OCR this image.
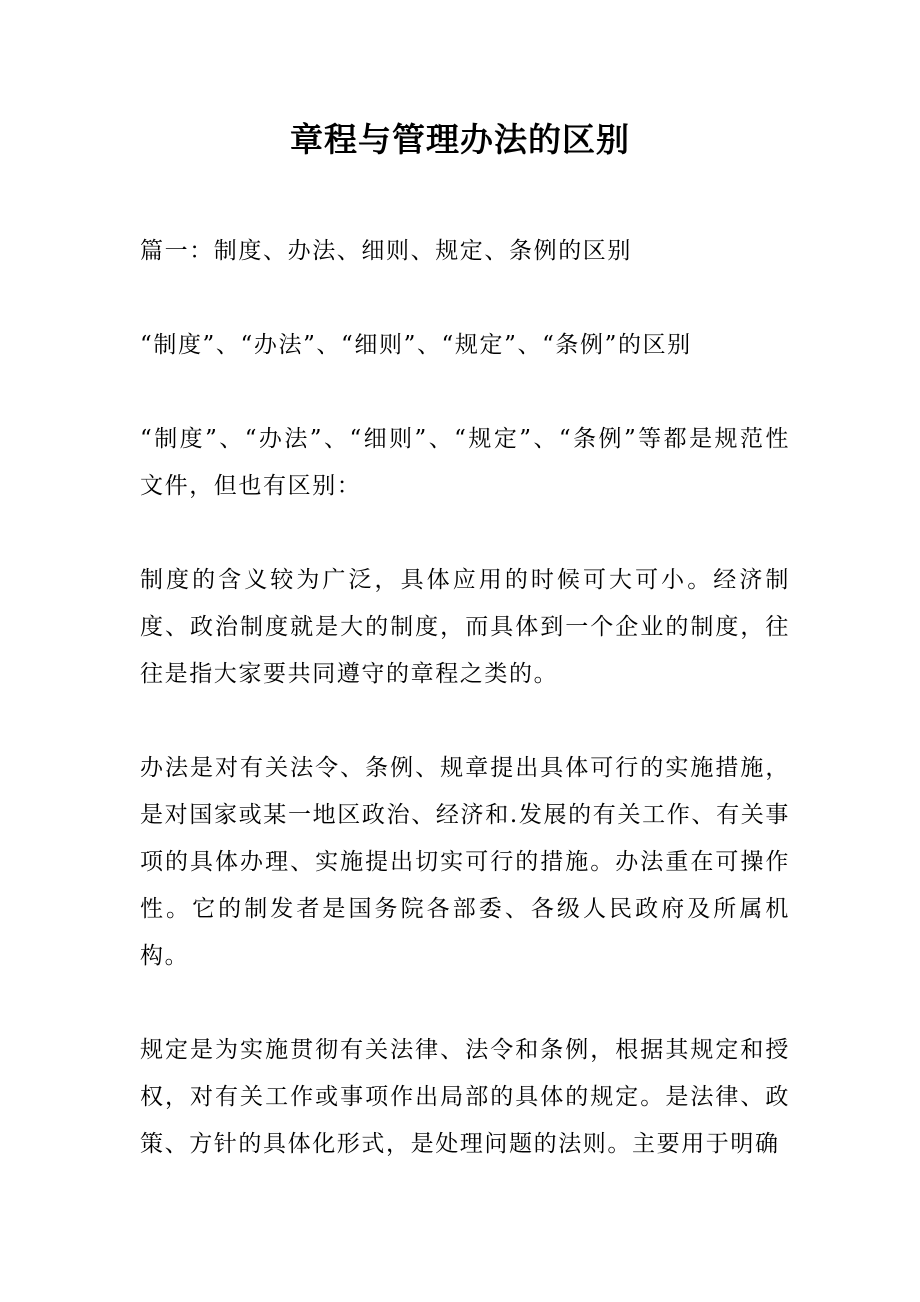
章程与管理办法的区别

篇一：制度、办法、细则、规定、条例的区别

“制度”、“办法”、“细则”、“规定”、“条例”的区别

“制度”、“办法”、“细则”、“规定”、“条例”等都是规范性文件，但也有区别：

制度的含义较为广泛，具体应用的时候可大可小。经济制度、政治制度就是大的制度，而具体到一个企业的制度，往往是指大家要共同遵守的章程之类的。

办法是对有关法令、条例、规章提出具体可行的实施措施，是对国家或某一地区政治、经济和.发展的有关工作、有关事项的具体办理、实施提出切实可行的措施。办法重在可操作性。它的制发者是国务院各部委、各级人民政府及所属机构。

规定是为实施贯彻有关法律、法令和条例，根据其规定和授权，对有关工作或事项作出局部的具体的规定。是法律、政策、方针的具体化形式，是处理问题的法则。主要用于明确
